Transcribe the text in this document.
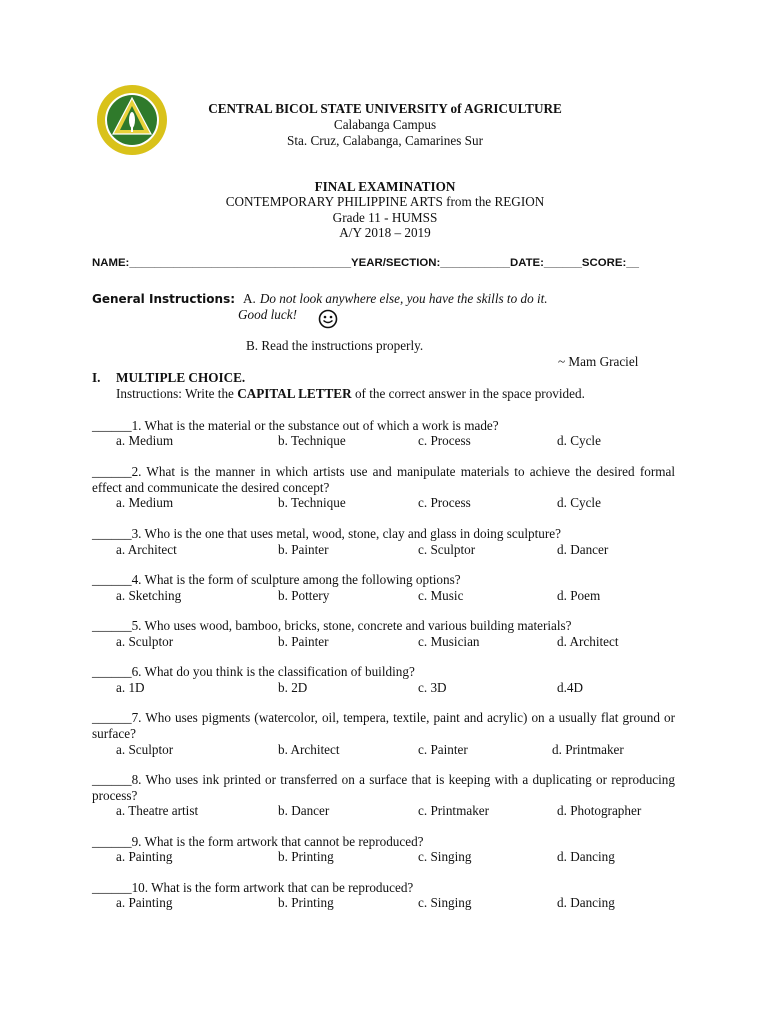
CENTRAL BICOL STATE UNIVERSITY of AGRICULTURE
Calabanga Campus
Sta. Cruz, Calabanga, Camarines Sur
FINAL EXAMINATION
CONTEMPORARY PHILIPPINE ARTS from the REGION
Grade 11 - HUMSS
A/Y 2018 – 2019
NAME:___________________________________YEAR/SECTION:___________DATE:______SCORE:__
General Instructions: A. Do not look anywhere else, you have the skills to do it.
Good luck!
B. Read the instructions properly.
~ Mam Graciel
I. MULTIPLE CHOICE.
Instructions: Write the CAPITAL LETTER of the correct answer in the space provided.
______1. What is the material or the substance out of which a work is made?
a. Medium	b. Technique	c. Process	d. Cycle
______2. What is the manner in which artists use and manipulate materials to achieve the desired formal effect and communicate the desired concept?
a. Medium	b. Technique	c. Process	d. Cycle
______3. Who is the one that uses metal, wood, stone, clay and glass in doing sculpture?
a. Architect	b. Painter	c. Sculptor	d. Dancer
______4. What is the form of sculpture among the following options?
a. Sketching	b. Pottery	c. Music	d. Poem
______5. Who uses wood, bamboo, bricks, stone, concrete and various building materials?
a. Sculptor	b. Painter	c. Musician	d. Architect
______6. What do you think is the classification of building?
a. 1D	b. 2D	c. 3D	d.4D
______7. Who uses pigments (watercolor, oil, tempera, textile, paint and acrylic) on a usually flat ground or surface?
a. Sculptor	b. Architect	c. Painter	d. Printmaker
______8. Who uses ink printed or transferred on a surface that is keeping with a duplicating or reproducing process?
a. Theatre artist	b. Dancer	c. Printmaker	d. Photographer
______9. What is the form artwork that cannot be reproduced?
a. Painting	b. Printing	c. Singing	d. Dancing
______10. What is the form artwork that can be reproduced?
a. Painting	b. Printing	c. Singing	d. Dancing
